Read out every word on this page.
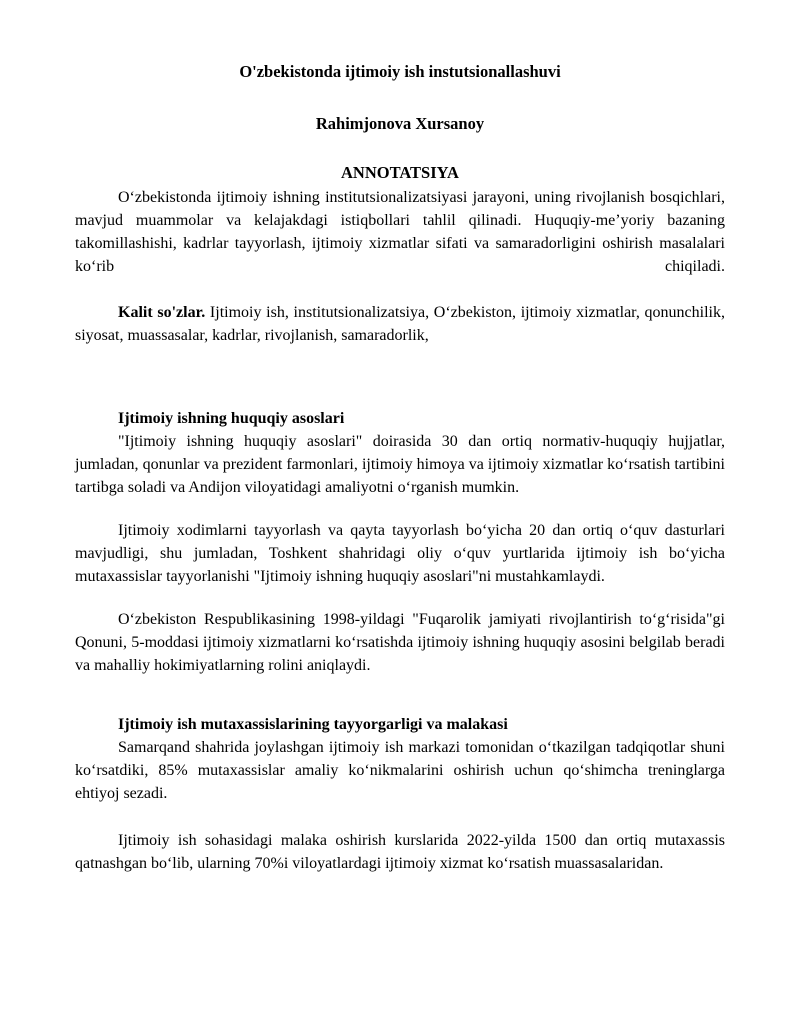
O'zbekistonda ijtimoiy ish instutsionallashuvi

Rahimjonova Xursanoy

ANNOTATSIYA

Oʻzbekistonda ijtimoiy ishning institutsionalizatsiyasi jarayoni, uning rivojlanish bosqichlari, mavjud muammolar va kelajakdagi istiqbollari tahlil qilinadi. Huquqiy-meʼyoriy bazaning takomillashishi, kadrlar tayyorlash, ijtimoiy xizmatlar sifati va samaradorligini oshirish masalalari koʻrib chiqiladi.

Kalit so'zlar. Ijtimoiy ish, institutsionalizatsiya, Oʻzbekiston, ijtimoiy xizmatlar, qonunchilik, siyosat, muassasalar, kadrlar, rivojlanish, samaradorlik,

Ijtimoiy ishning huquqiy asoslari

"Ijtimoiy ishning huquqiy asoslari" doirasida 30 dan ortiq normativ-huquqiy hujjatlar, jumladan, qonunlar va prezident farmonlari, ijtimoiy himoya va ijtimoiy xizmatlar koʻrsatish tartibini tartibga soladi va Andijon viloyatidagi amaliyotni oʻrganish mumkin.

Ijtimoiy xodimlarni tayyorlash va qayta tayyorlash boʻyicha 20 dan ortiq oʻquv dasturlari mavjudligi, shu jumladan, Toshkent shahridagi oliy oʻquv yurtlarida ijtimoiy ish boʻyicha mutaxassislar tayyorlanishi "Ijtimoiy ishning huquqiy asoslari"ni mustahkamlaydi.

Oʻzbekiston Respublikasining 1998-yildagi "Fuqarolik jamiyati rivojlantirish toʻgʻrisida"gi Qonuni, 5-moddasi ijtimoiy xizmatlarni koʻrsatishda ijtimoiy ishning huquqiy asosini belgilab beradi va mahalliy hokimiyatlarning rolini aniqlaydi.

Ijtimoiy ish mutaxassislarining tayyorgarligi va malakasi

Samarqand shahrida joylashgan ijtimoiy ish markazi tomonidan oʻtkazilgan tadqiqotlar shuni koʻrsatdiki, 85% mutaxassislar amaliy koʻnikmalarini oshirish uchun qoʻshimcha treninglarga ehtiyoj sezadi.

Ijtimoiy ish sohasidagi malaka oshirish kurslarida 2022-yilda 1500 dan ortiq mutaxassis qatnashgan boʻlib, ularning 70%i viloyatlardagi ijtimoiy xizmat koʻrsatish muassasalaridan.
